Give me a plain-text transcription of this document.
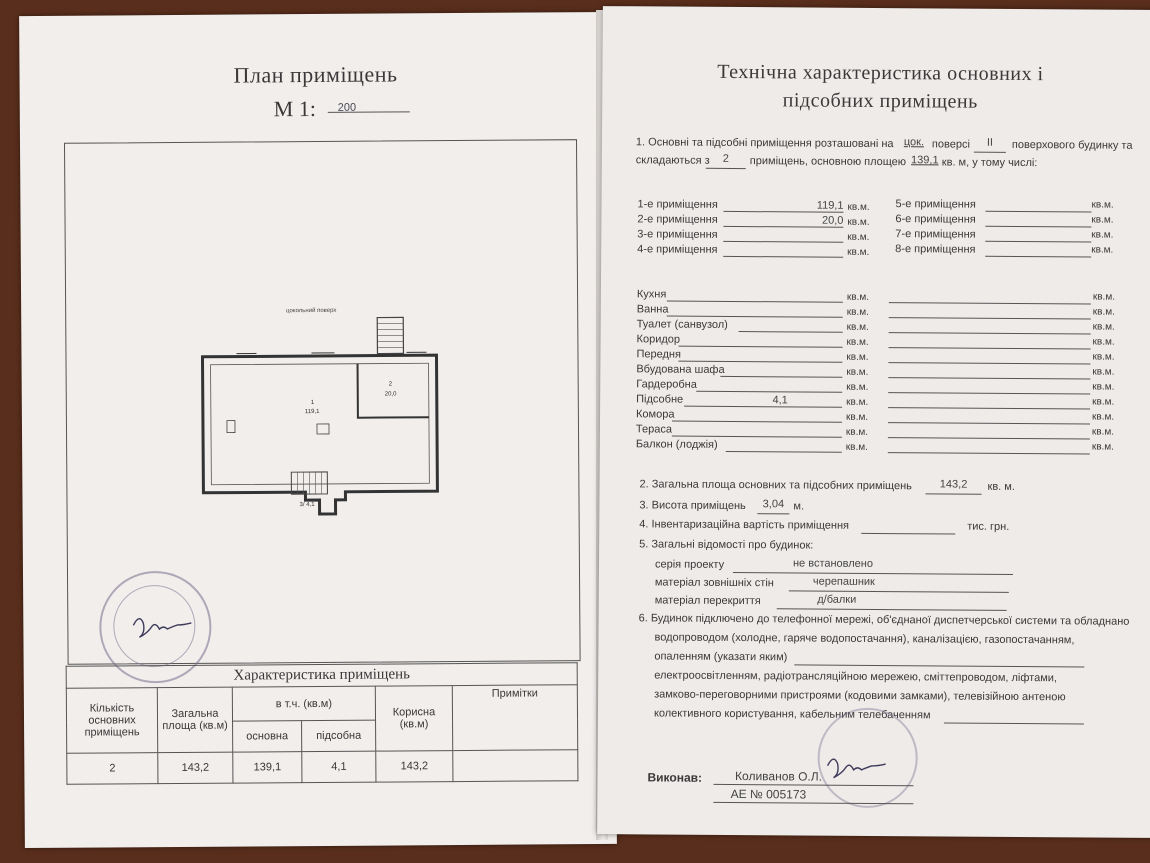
План приміщень
М 1: 200
цокольний поверх
1
119,1
2
20,0
3/ 4,1
Характеристика приміщень					
Кількість основних приміщень	Загальна площа (кв.м)	в т.ч. (кв.м)		Корисна (кв.м)	Примітки
		основна	підсобна		
2	143,2	139,1	4,1	143,2	
Технічна характеристика основних і
підсобних приміщень
1. Основні та підсобні приміщення розташовані на цок. поверсі	II	поверхового будинку та
складаються з	2	приміщень, основною площею 139,1 кв. м, у тому числі:
2. Загальна площа основних та підсобних приміщень	143,2	кв. м.
3. Висота приміщень	3,04 м.
4. Інвентаризаційна вартість приміщення	тис. грн.
5. Загальні відомості про будинок:
серія проекту	не встановлено
матеріал зовнішніх стін	черепашник
матеріал перекриття	д/балки
6. Будинок підключено до телефонної мережі, об'єднаної диспетчерської системи та обладнано
водопроводом (холодне, гаряче водопостачання), каналізацією, газопостачанням,
опаленням (указати яким)
електроосвітленням, радіотрансляційною мережею, сміттепроводом, ліфтами,
замково-переговорними пристроями (кодовими замками), телевізійною антеною
колективного користування, кабельним телебаченням
Виконав:	Коливанов О.Л.
АЕ № 005173
1-е приміщення	119,1 кв.м.
2-е приміщення	20,0 кв.м.
3-е приміщення	кв.м.
4-е приміщення	кв.м.
5-е приміщення	кв.м.
6-е приміщення	кв.м.
7-е приміщення	кв.м.
8-е приміщення	кв.м.
Кухня	кв.м.	кв.м.
Ванна	кв.м.	кв.м.
Туалет (санвузол)	кв.м.	кв.м.
Коридор	кв.м.	кв.м.
Передня	кв.м.	кв.м.
Вбудована шафа	кв.м.	кв.м.
Гардеробна	кв.м.	кв.м.
Підсобне	4,1	кв.м.	кв.м.
Комора	кв.м.	кв.м.
Тераса	кв.м.	кв.м.
Балкон (лоджія)	кв.м.	кв.м.
